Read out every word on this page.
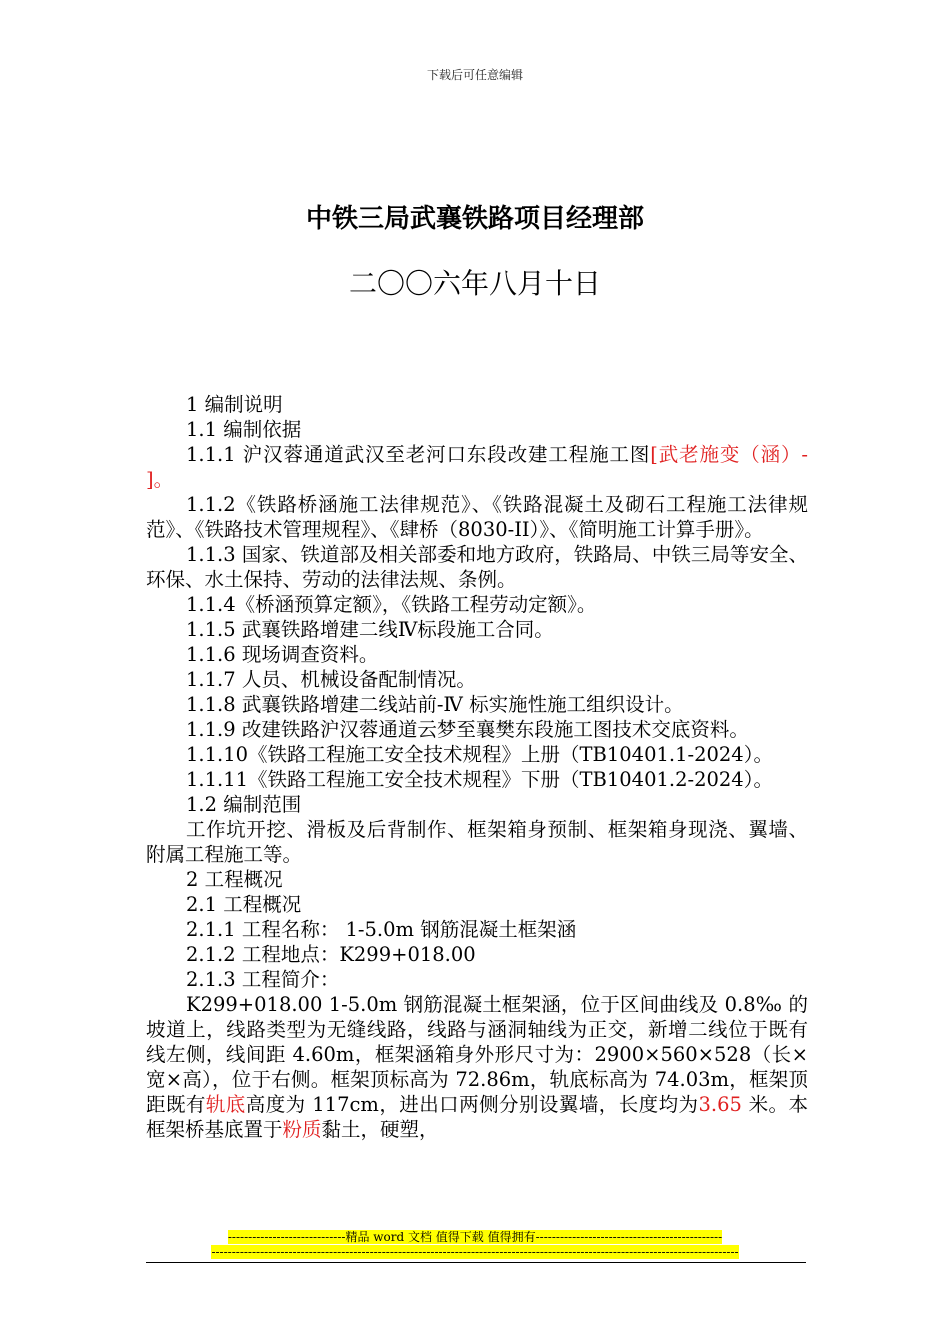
下载后可任意编辑
中铁三局武襄铁路项目经理部
二〇〇六年八月十日

1 编制说明

1.1 编制依据

1.1.1 沪汉蓉通道武汉至老河口东段改建工程施工图[武老施变（涵）- ]。

1.1.2《铁路桥涵施工法律规范》、《铁路混凝土及砌石工程施工法律规范》、《铁路技术管理规程》、《肆桥（8030-II）》、《简明施工计算手册》。

1.1.3 国家、铁道部及相关部委和地方政府，铁路局、中铁三局等安全、环保、水土保持、劳动的法律法规、条例。

1.1.4《桥涵预算定额》，《铁路工程劳动定额》。

1.1.5 武襄铁路增建二线Ⅳ标段施工合同。

1.1.6 现场调查资料。

1.1.7 人员、机械设备配制情况。

1.1.8 武襄铁路增建二线站前-Ⅳ 标实施性施工组织设计。

1.1.9 改建铁路沪汉蓉通道云梦至襄樊东段施工图技术交底资料。

1.1.10《铁路工程施工安全技术规程》上册（TB10401.1-2024）。

1.1.11《铁路工程施工安全技术规程》下册（TB10401.2-2024）。

1.2 编制范围

工作坑开挖、滑板及后背制作、框架箱身预制、框架箱身现浇、翼墙、附属工程施工等。

2 工程概况

2.1 工程概况

2.1.1 工程名称： 1-5.0m 钢筋混凝土框架涵

2.1.2 工程地点：K299+018.00

2.1.3 工程简介：

K299+018.00 1-5.0m 钢筋混凝土框架涵，位于区间曲线及 0.8‰ 的坡道上，线路类型为无缝线路，线路与涵洞轴线为正交，新增二线位于既有线左侧，线间距 4.60m，框架涵箱身外形尺寸为：2900×560×528（长×宽×高），位于右侧。框架顶标高为 72.86m，轨底标高为 74.03m，框架顶距既有轨底高度为 117cm，进出口两侧分别设翼墙，长度均为3.65 米。本框架桥基底置于粉质黏土，硬塑，

-----------------------------精品 word 文档 值得下载 值得拥有----------------------------------------------
----------------------------------------------------------------------------------------------------------------------------------
